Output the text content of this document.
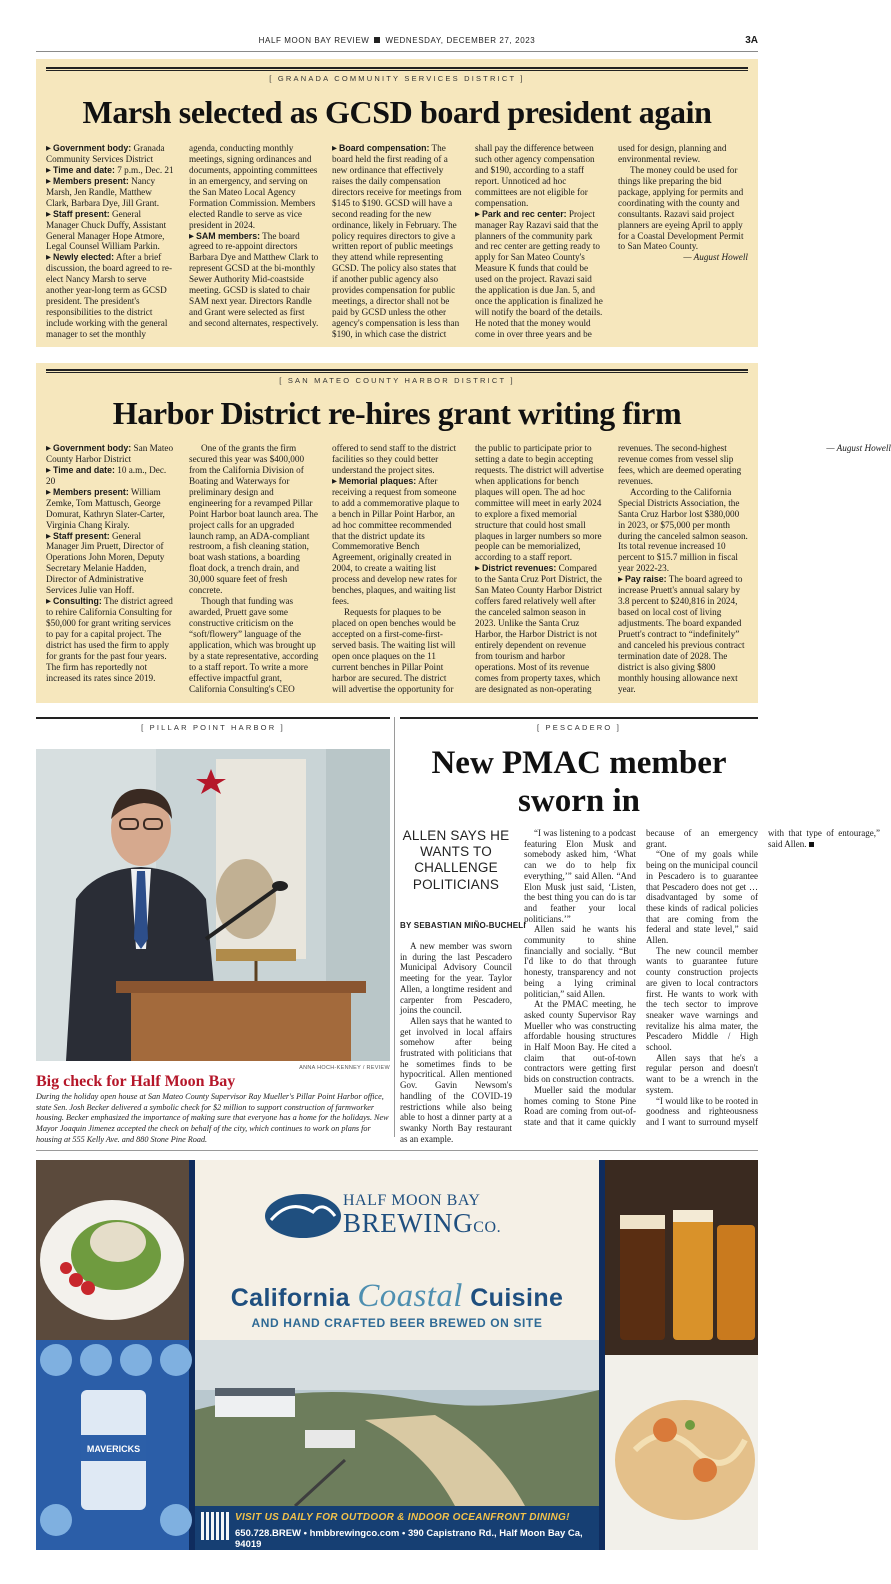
HALF MOON BAY REVIEW WEDNESDAY, DECEMBER 27, 2023	3A
[ GRANADA COMMUNITY SERVICES DISTRICT ]
Marsh selected as GCSD board president again

▶ Government body: Granada Community Services District

▶ Time and date: 7 p.m., Dec. 21

▶ Members present: Nancy Marsh, Jen Randle, Matthew Clark, Barbara Dye, Jill Grant.

▶ Staff present: General Manager Chuck Duffy, Assistant General Manager Hope Atmore, Legal Counsel William Parkin.

▶ Newly elected: After a brief discussion, the board agreed to re-elect Nancy Marsh to serve another year-long term as GCSD president. The president's responsibilities to the district include working with the general manager to set the monthly agenda, conducting monthly meetings, signing ordinances and documents, appointing committees in an emergency, and serving on the San Mateo Local Agency Formation Commission. Members elected Randle to serve as vice president in 2024.

▶ SAM members: The board agreed to re-appoint directors Barbara Dye and Matthew Clark to represent GCSD at the bi-monthly Sewer Authority Mid-coastside meeting. GCSD is slated to chair SAM next year. Directors Randle and Grant were selected as first and second alternates, respectively.

▶ Board compensation: The board held the first reading of a new ordinance that effectively raises the daily compensation directors receive for meetings from $145 to $190. GCSD will have a second reading for the new ordinance, likely in February. The policy requires directors to give a written report of public meetings they attend while representing GCSD. The policy also states that if another public agency also provides compensation for public meetings, a director shall not be paid by GCSD unless the other agency's compensation is less than $190, in which case the district shall pay the difference between such other agency compensation and $190, according to a staff report. Unnoticed ad hoc committees are not eligible for compensation.

▶ Park and rec center: Project manager Ray Razavi said that the planners of the community park and rec center are getting ready to apply for San Mateo County's Measure K funds that could be used on the project. Ravazi said the application is due Jan. 5, and once the application is finalized he will notify the board of the details. He noted that the money would come in over three years and be used for design, planning and environmental review.

The money could be used for things like preparing the bid package, applying for permits and coordinating with the county and consultants. Razavi said project planners are eyeing April to apply for a Coastal Development Permit to San Mateo County.

— August Howell

[ SAN MATEO COUNTY HARBOR DISTRICT ]
Harbor District re-hires grant writing firm

▶ Government body: San Mateo County Harbor District

▶ Time and date: 10 a.m., Dec. 20

▶ Members present: William Zemke, Tom Mattusch, George Domurat, Kathryn Slater-Carter, Virginia Chang Kiraly.

▶ Staff present: General Manager Jim Pruett, Director of Operations John Moren, Deputy Secretary Melanie Hadden, Director of Administrative Services Julie van Hoff.

▶ Consulting: The district agreed to rehire California Consulting for $50,000 for grant writing services to pay for a capital project. The district has used the firm to apply for grants for the past four years. The firm has reportedly not increased its rates since 2019.

One of the grants the firm secured this year was $400,000 from the California Division of Boating and Waterways for preliminary design and engineering for a revamped Pillar Point Harbor boat launch area. The project calls for an upgraded launch ramp, an ADA-compliant restroom, a fish cleaning station, boat wash stations, a boarding float dock, a trench drain, and 30,000 square feet of fresh concrete.

Though that funding was awarded, Pruett gave some constructive criticism on the “soft/flowery” language of the application, which was brought up by a state representative, according to a staff report. To write a more effective impactful grant, California Consulting's CEO offered to send staff to the district facilities so they could better understand the project sites.

▶ Memorial plaques: After receiving a request from someone to add a commemorative plaque to a bench in Pillar Point Harbor, an ad hoc committee recommended that the district update its Commemorative Bench Agreement, originally created in 2004, to create a waiting list process and develop new rates for benches, plaques, and waiting list fees.

Requests for plaques to be placed on open benches would be accepted on a first-come-first-served basis. The waiting list will open once plaques on the 11 current benches in Pillar Point harbor are secured. The district will advertise the opportunity for the public to participate prior to setting a date to begin accepting requests. The district will advertise when applications for bench plaques will open. The ad hoc committee will meet in early 2024 to explore a fixed memorial structure that could host small plaques in larger numbers so more people can be memorialized, according to a staff report.

▶ District revenues: Compared to the Santa Cruz Port District, the San Mateo County Harbor District coffers fared relatively well after the canceled salmon season in 2023. Unlike the Santa Cruz Harbor, the Harbor District is not entirely dependent on revenue from tourism and harbor operations. Most of its revenue comes from property taxes, which are designated as non-operating revenues. The second-highest revenue comes from vessel slip fees, which are deemed operating revenues.

According to the California Special Districts Association, the Santa Cruz Harbor lost $380,000 in 2023, or $75,000 per month during the canceled salmon season. Its total revenue increased 10 percent to $15.7 million in fiscal year 2022-23.

▶ Pay raise: The board agreed to increase Pruett's annual salary by 3.8 percent to $240,816 in 2024, based on local cost of living adjustments. The board expanded Pruett's contract to “indefinitely” and canceled his previous contract termination date of 2028. The district is also giving $800 monthly housing allowance next year.

— August Howell

[ PILLAR POINT HARBOR ]
ANNA HOCH-KENNEY / REVIEW
Big check for Half Moon Bay
During the holiday open house at San Mateo County Supervisor Ray Mueller's Pillar Point Harbor office, state Sen. Josh Becker delivered a symbolic check for $2 million to support construction of farmworker housing. Becker emphasized the importance of making sure that everyone has a home for the holidays. New Mayor Joaquin Jimenez accepted the check on behalf of the city, which continues to work on plans for housing at 555 Kelly Ave. and 880 Stone Pine Road.
[ PESCADERO ]
New PMAC member sworn in
ALLEN SAYS HE WANTS TO CHALLENGE POLITICIANS
BY SEBASTIAN MIÑO-BUCHELI

A new member was sworn in during the last Pescadero Municipal Advisory Council meeting for the year. Taylor Allen, a longtime resident and carpenter from Pescadero, joins the council.

Allen says that he wanted to get involved in local affairs somehow after being frustrated with politicians that he sometimes finds to be hypocritical. Allen mentioned Gov. Gavin Newsom's handling of the COVID-19 restrictions while also being able to host a dinner party at a swanky North Bay restaurant as an example.

“I was listening to a podcast featuring Elon Musk and somebody asked him, ‘What can we do to help fix everything,’” said Allen. “And Elon Musk just said, ‘Listen, the best thing you can do is tar and feather your local politicians.’”

Allen said he wants his community to shine financially and socially. “But I'd like to do that through honesty, transparency and not being a lying criminal politician,” said Allen.

At the PMAC meeting, he asked county Supervisor Ray Mueller who was constructing affordable housing structures in Half Moon Bay. He cited a claim that out-of-town contractors were getting first bids on construction contracts.

Mueller said the modular homes coming to Stone Pine Road are coming from out-of-state and that it came quickly because of an emergency grant.

“One of my goals while being on the municipal council in Pescadero is to guarantee that Pescadero does not get … disadvantaged by some of these kinds of radical policies that are coming from the federal and state level,” said Allen.

The new council member wants to guarantee future county construction projects are given to local contractors first. He wants to work with the tech sector to improve sneaker wave warnings and revitalize his alma mater, the Pescadero Middle / High school.

Allen says that he's a regular person and doesn't want to be a wrench in the system.

“I would like to be rooted in goodness and righteousness and I want to surround myself with that type of entourage,” said Allen.

MAVERICKS
HALF MOON BAY
BREWINGCO.
California Coastal Cuisine
AND HAND CRAFTED BEER BREWED ON SITE
VISIT US DAILY FOR OUTDOOR & INDOOR OCEANFRONT DINING!
650.728.BREW • hmbbrewingco.com • 390 Capistrano Rd., Half Moon Bay Ca, 94019
